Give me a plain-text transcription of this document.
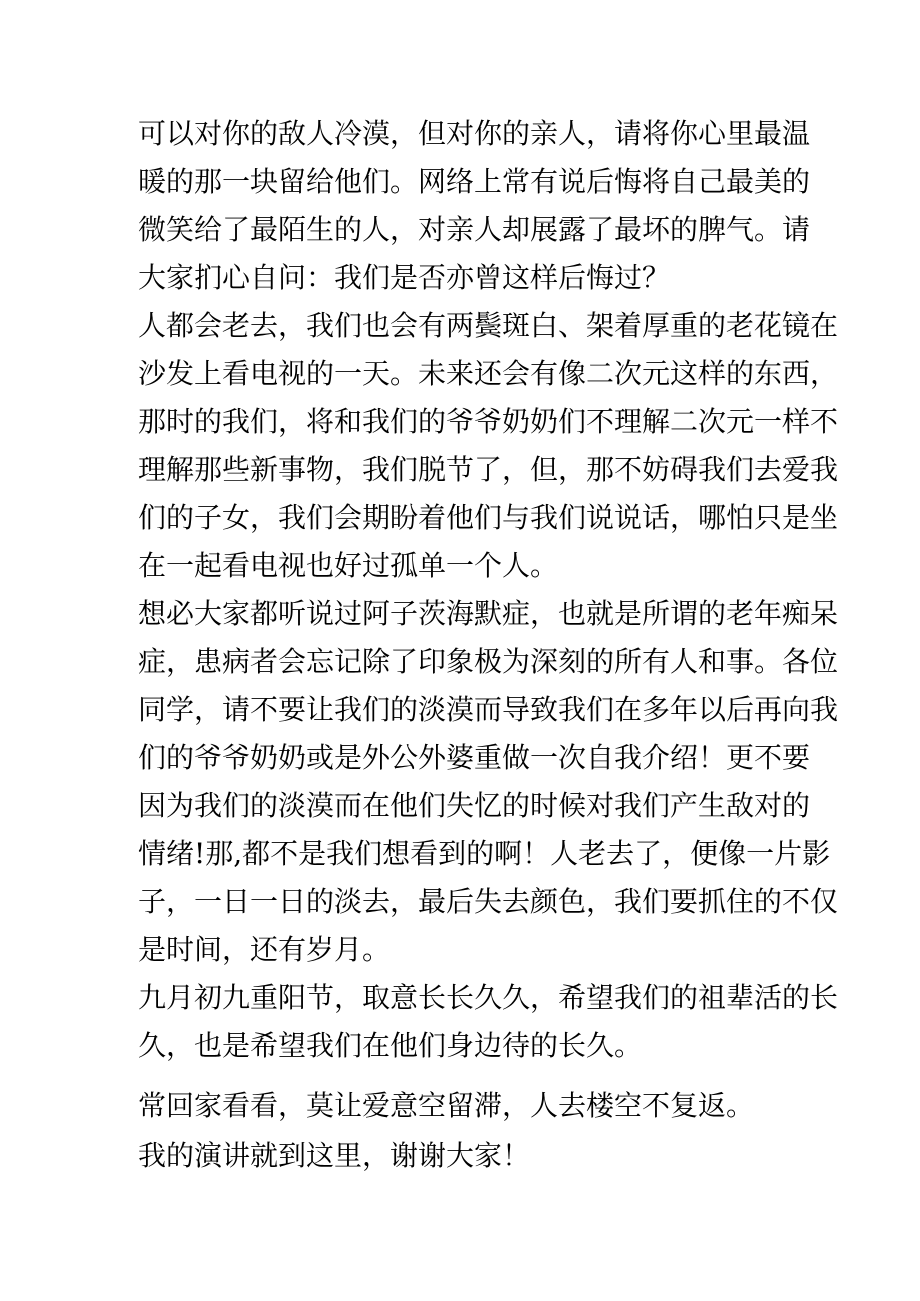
可以对你的敌人冷漠，但对你的亲人，请将你心里最温
暖的那一块留给他们。网络上常有说后悔将自己最美的
微笑给了最陌生的人，对亲人却展露了最坏的脾气。请
大家扪心自问：我们是否亦曾这样后悔过？
人都会老去，我们也会有两鬓斑白、架着厚重的老花镜在
沙发上看电视的一天。未来还会有像二次元这样的东西，
那时的我们，将和我们的爷爷奶奶们不理解二次元一样不
理解那些新事物，我们脱节了，但，那不妨碍我们去爱我
们的子女，我们会期盼着他们与我们说说话，哪怕只是坐
在一起看电视也好过孤单一个人。
想必大家都听说过阿子茨海默症，也就是所谓的老年痴呆
症，患病者会忘记除了印象极为深刻的所有人和事。各位
同学，请不要让我们的淡漠而导致我们在多年以后再向我
们的爷爷奶奶或是外公外婆重做一次自我介绍！更不要
因为我们的淡漠而在他们失忆的时候对我们产生敌对的
情绪!那,都不是我们想看到的啊！人老去了，便像一片影
子，一日一日的淡去，最后失去颜色，我们要抓住的不仅
是时间，还有岁月。
九月初九重阳节，取意长长久久，希望我们的祖辈活的长
久，也是希望我们在他们身边待的长久。
常回家看看，莫让爱意空留滞，人去楼空不复返。
我的演讲就到这里，谢谢大家！
